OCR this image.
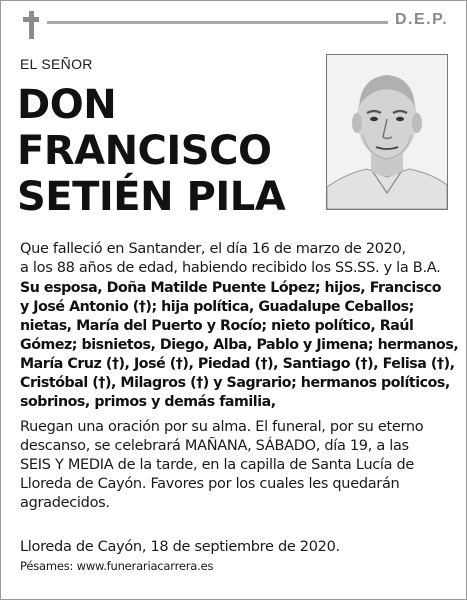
D.E.P.
EL SEÑOR
DON
FRANCISCO
SETIÉN PILA
Que falleció en Santander, el día 16 de marzo de 2020,
a los 88 años de edad, habiendo recibido los SS.SS. y la B.A.
Su esposa, Doña Matilde Puente López; hijos, Francisco
y José Antonio (†); hija política, Guadalupe Ceballos;
nietas, María del Puerto y Rocío; nieto político, Raúl
Gómez; bisnietos, Diego, Alba, Pablo y Jimena; hermanos,
María Cruz (†), José (†), Piedad (†), Santiago (†), Felisa (†),
Cristóbal (†), Milagros (†) y Sagrario; hermanos políticos,
sobrinos, primos y demás familia,
Ruegan una oración por su alma. El funeral, por su eterno
descanso, se celebrará MAÑANA, SÁBADO, día 19, a las
SEIS Y MEDIA de la tarde, en la capilla de Santa Lucía de
Lloreda de Cayón. Favores por los cuales les quedarán
agradecidos.
Lloreda de Cayón, 18 de septiembre de 2020.
Pésames: www.funerariacarrera.es
